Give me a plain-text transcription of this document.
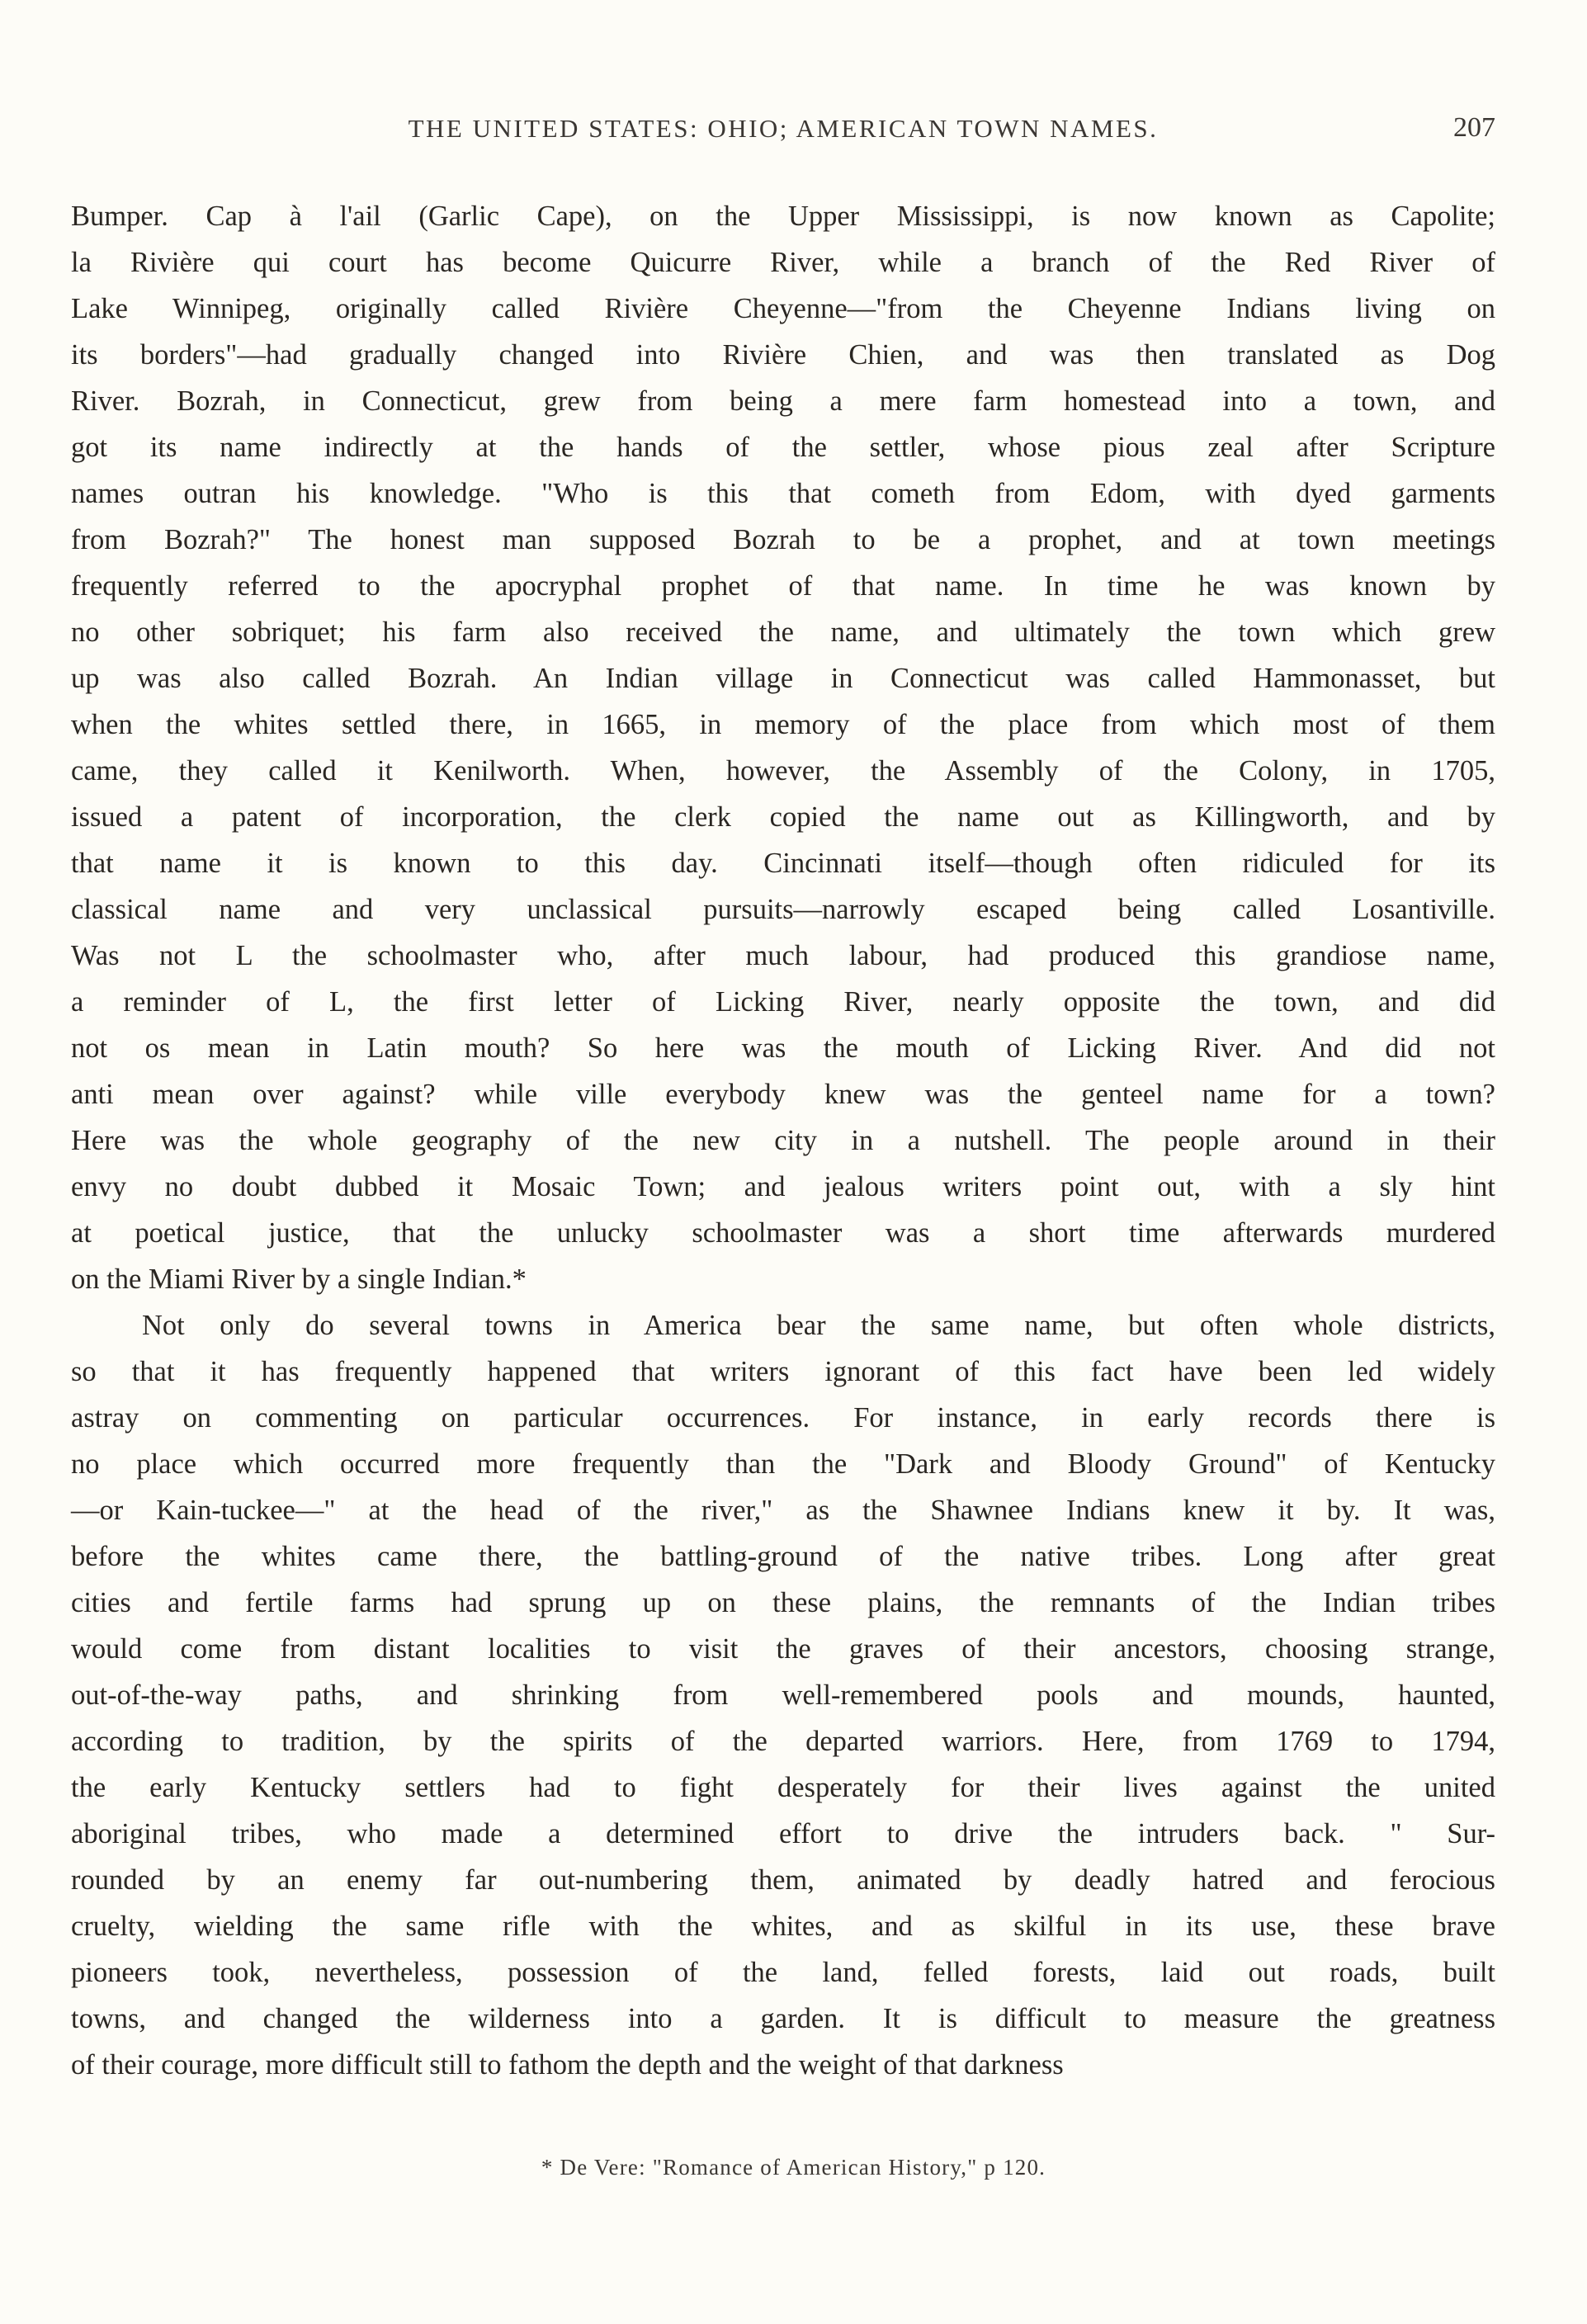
THE UNITED STATES: OHIO; AMERICAN TOWN NAMES.	207
Bumper. Cap à l'ail (Garlic Cape), on the Upper Mississippi, is now known as Capolite;
la Rivière qui court has become Quicurre River, while a branch of the Red River of
Lake Winnipeg, originally called Rivière Cheyenne—"from the Cheyenne Indians living on
its borders"—had gradually changed into Rivière Chien, and was then translated as Dog
River. Bozrah, in Connecticut, grew from being a mere farm homestead into a town, and
got its name indirectly at the hands of the settler, whose pious zeal after Scripture
names outran his knowledge. "Who is this that cometh from Edom, with dyed garments
from Bozrah?" The honest man supposed Bozrah to be a prophet, and at town meetings
frequently referred to the apocryphal prophet of that name. In time he was known by
no other sobriquet; his farm also received the name, and ultimately the town which grew
up was also called Bozrah. An Indian village in Connecticut was called Hammonasset, but
when the whites settled there, in 1665, in memory of the place from which most of them
came, they called it Kenilworth. When, however, the Assembly of the Colony, in 1705,
issued a patent of incorporation, the clerk copied the name out as Killingworth, and by
that name it is known to this day. Cincinnati itself—though often ridiculed for its
classical name and very unclassical pursuits—narrowly escaped being called Losantiville.
Was not L the schoolmaster who, after much labour, had produced this grandiose name,
a reminder of L, the first letter of Licking River, nearly opposite the town, and did
not os mean in Latin mouth? So here was the mouth of Licking River. And did not
anti mean over against? while ville everybody knew was the genteel name for a town?
Here was the whole geography of the new city in a nutshell. The people around in their
envy no doubt dubbed it Mosaic Town; and jealous writers point out, with a sly hint
at poetical justice, that the unlucky schoolmaster was a short time afterwards murdered
on the Miami River by a single Indian.*
Not only do several towns in America bear the same name, but often whole districts,
so that it has frequently happened that writers ignorant of this fact have been led widely
astray on commenting on particular occurrences. For instance, in early records there is
no place which occurred more frequently than the "Dark and Bloody Ground" of Kentucky
—or Kain-tuckee—" at the head of the river," as the Shawnee Indians knew it by. It was,
before the whites came there, the battling-ground of the native tribes. Long after great
cities and fertile farms had sprung up on these plains, the remnants of the Indian tribes
would come from distant localities to visit the graves of their ancestors, choosing strange,
out-of-the-way paths, and shrinking from well-remembered pools and mounds, haunted,
according to tradition, by the spirits of the departed warriors. Here, from 1769 to 1794,
the early Kentucky settlers had to fight desperately for their lives against the united
aboriginal tribes, who made a determined effort to drive the intruders back. " Sur-
rounded by an enemy far out-numbering them, animated by deadly hatred and ferocious
cruelty, wielding the same rifle with the whites, and as skilful in its use, these brave
pioneers took, nevertheless, possession of the land, felled forests, laid out roads, built
towns, and changed the wilderness into a garden. It is difficult to measure the greatness
of their courage, more difficult still to fathom the depth and the weight of that darkness
* De Vere: "Romance of American History," p 120.
